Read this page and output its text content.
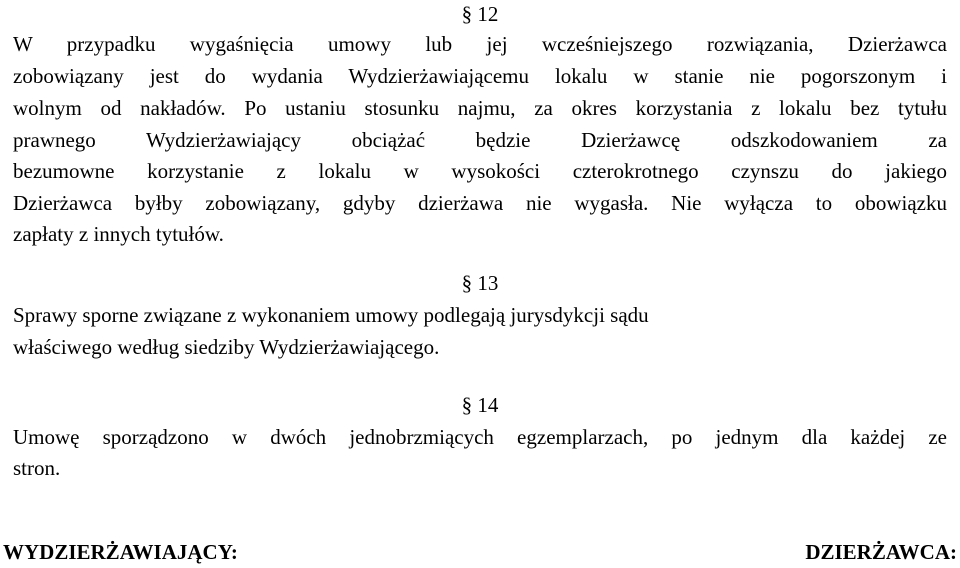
§ 12
W przypadku wygaśnięcia umowy lub jej wcześniejszego rozwiązania, Dzierżawca
zobowiązany jest do wydania Wydzierżawiającemu lokalu w stanie nie pogorszonym i
wolnym od nakładów. Po ustaniu stosunku najmu, za okres korzystania z lokalu bez tytułu
prawnego Wydzierżawiający obciążać będzie Dzierżawcę odszkodowaniem za
bezumowne korzystanie z lokalu w wysokości czterokrotnego czynszu do jakiego
Dzierżawca byłby zobowiązany, gdyby dzierżawa nie wygasła. Nie wyłącza to obowiązku
zapłaty z innych tytułów.
§ 13
Sprawy sporne związane z wykonaniem umowy podlegają jurysdykcji sądu
właściwego według siedziby Wydzierżawiającego.
§ 14
Umowę sporządzono w dwóch jednobrzmiących egzemplarzach, po jednym dla każdej ze
stron.
WYDZIERŻAWIAJĄCY:	DZIERŻAWCA:
